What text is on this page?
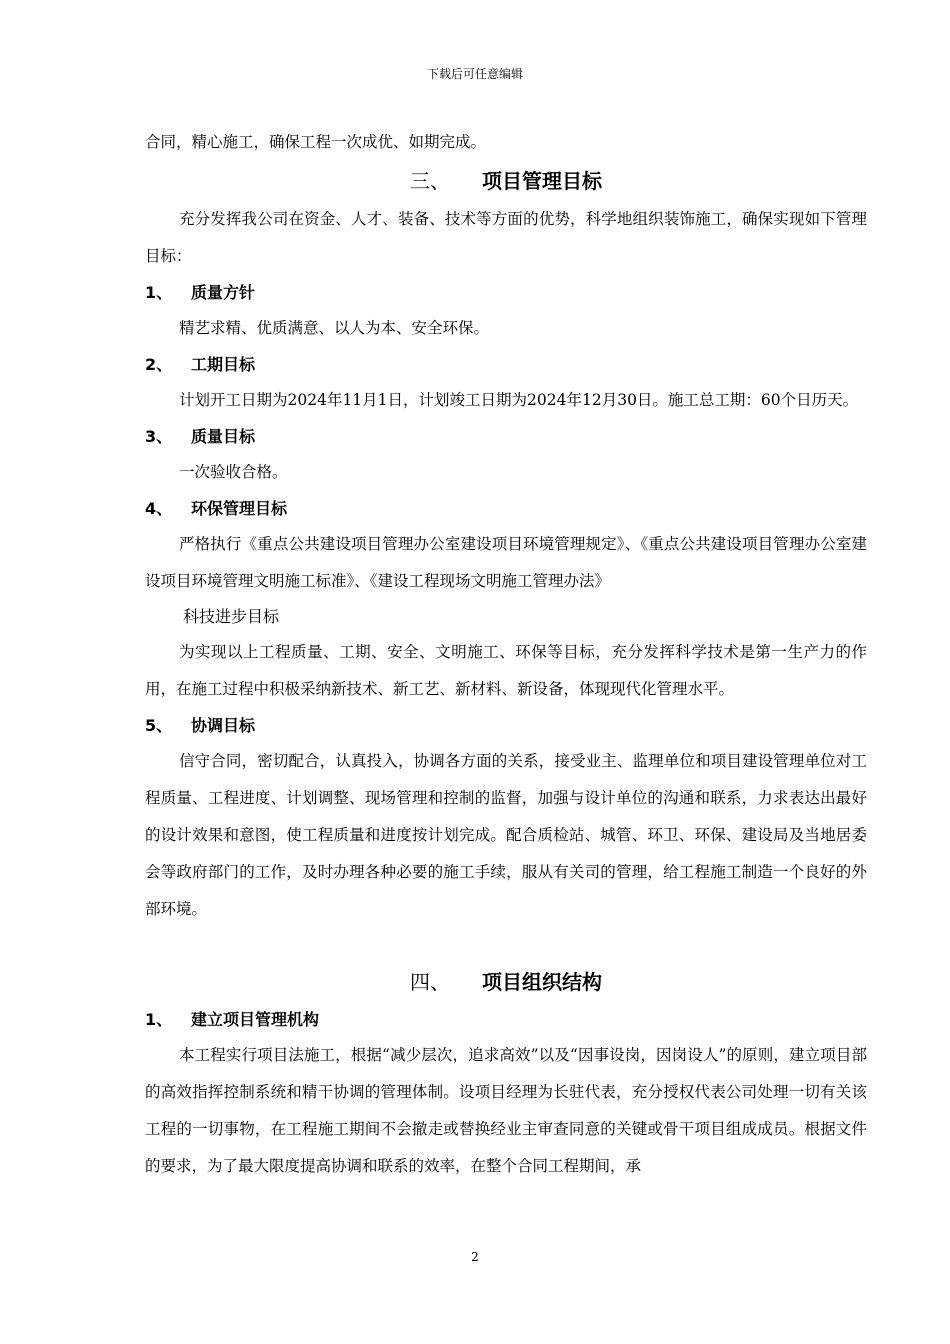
下载后可任意编辑

合同，精心施工，确保工程一次成优、如期完成。

三、 项目管理目标

充分发挥我公司在资金、人才、装备、技术等方面的优势，科学地组织装饰施工，确保实现如下管理目标：

1、 质量方针

精艺求精、优质满意、以人为本、安全环保。

2、 工期目标

计划开工日期为2024年11月1日，计划竣工日期为2024年12月30日。施工总工期：60个日历天。

3、 质量目标

一次验收合格。

4、 环保管理目标

严格执行《重点公共建设项目管理办公室建设项目环境管理规定》、《重点公共建设项目管理办公室建设项目环境管理文明施工标准》、《建设工程现场文明施工管理办法》

科技进步目标

为实现以上工程质量、工期、安全、文明施工、环保等目标，充分发挥科学技术是第一生产力的作用，在施工过程中积极采纳新技术、新工艺、新材料、新设备，体现现代化管理水平。

5、 协调目标

信守合同，密切配合，认真投入，协调各方面的关系，接受业主、监理单位和项目建设管理单位对工程质量、工程进度、计划调整、现场管理和控制的监督，加强与设计单位的沟通和联系，力求表达出最好的设计效果和意图，使工程质量和进度按计划完成。配合质检站、城管、环卫、环保、建设局及当地居委会等政府部门的工作，及时办理各种必要的施工手续，服从有关司的管理，给工程施工制造一个良好的外部环境。

四、 项目组织结构
1、 建立项目管理机构

本工程实行项目法施工，根据“减少层次，追求高效”以及“因事设岗，因岗设人”的原则，建立项目部的高效指挥控制系统和精干协调的管理体制。设项目经理为长驻代表，充分授权代表公司处理一切有关该工程的一切事物，在工程施工期间不会撤走或替换经业主审查同意的关键或骨干项目组成成员。根据文件的要求，为了最大限度提高协调和联系的效率，在整个合同工程期间，承

2
